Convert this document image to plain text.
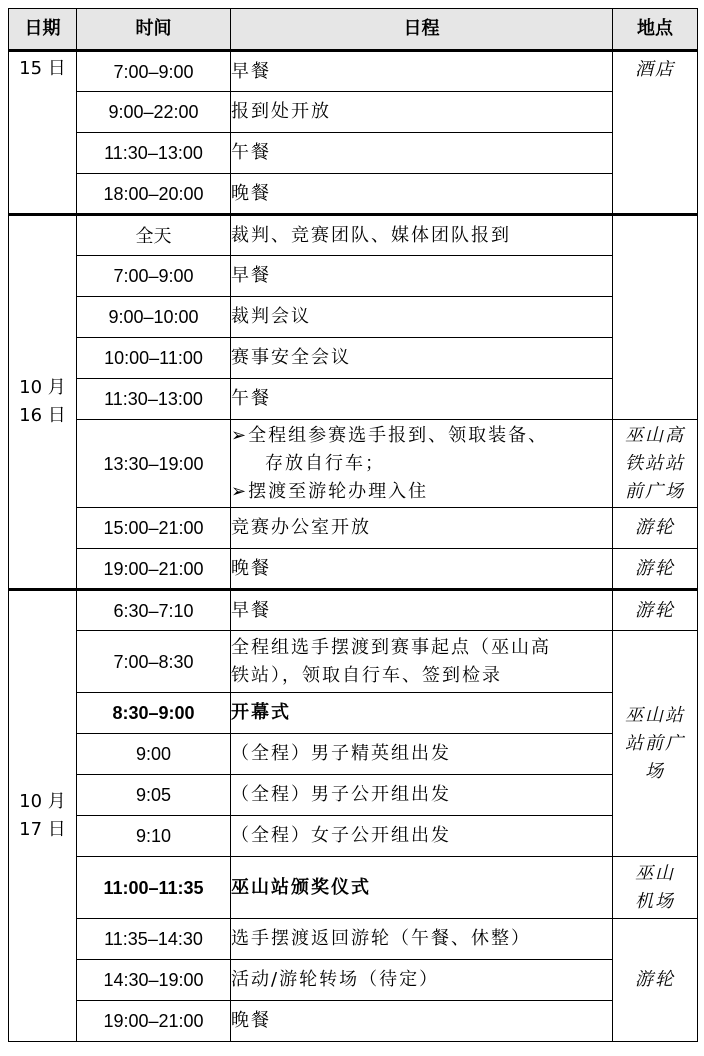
日期	时间	日程	地点
15 日	7:00–9:00	早餐	酒店
	9:00–22:00	报到处开放	
	11:30–13:00	午餐	
	18:00–20:00	晚餐	

10 月
16 日	全天	裁判、竞赛团队、媒体团队报到	
	7:00–9:00	早餐	
	9:00–10:00	裁判会议	
	10:00–11:00	赛事安全会议	
	11:30–13:00	午餐	
	13:30–19:00	➢全程组参赛选手报到、领取装备、
存放自行车；
➢摆渡至游轮办理入住	巫山高
铁站站
前广场

	15:00–21:00	竞赛办公室开放	游轮
	19:00–21:00	晚餐	游轮

10 月
17 日	6:30–7:10	早餐	游轮
	7:00–8:30	全程组选手摆渡到赛事起点（巫山高
铁站），领取自行车、签到检录	巫山站
站前广
场

	8:30–9:00	开幕式	
	9:00	（全程）男子精英组出发	
	9:05	（全程）男子公开组出发	
	9:10	（全程）女子公开组出发	
	11:00–11:35	巫山站颁奖仪式	巫山
机场

	11:35–14:30	选手摆渡返回游轮（午餐、休整）	游轮
	14:30–19:00	活动/游轮转场（待定）	
	19:00–21:00	晚餐	
